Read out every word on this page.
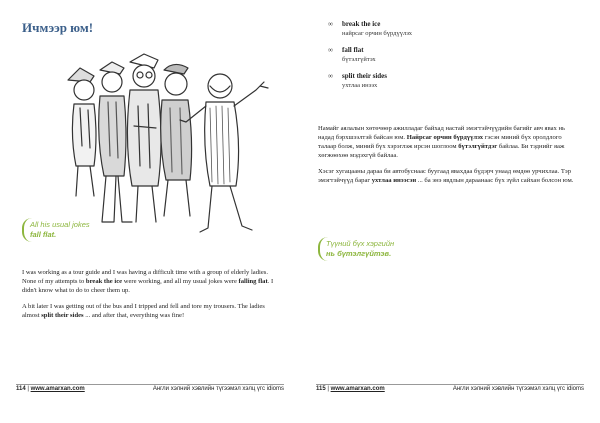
Ичмээр юм!
All his usual jokes
fall flat.

I was working as a tour guide and I was having a difficult time with a group of elderly ladies. None of my attempts to break the ice were working, and all my usual jokes were falling flat. I didn't know what to do to cheer them up.

A bit later I was getting out of the bus and I tripped and fell and tore my trousers. The ladies almost split their sides ... and after that, everything was fine!

114 | www.amarxan.com	Англи хэлний хэвлийн түгээмэл хэлц үгс idioms
∞ break the ice
найрсаг орчин бүрдүүлэх
∞ fall flat
бүтэлгүйтэх
∞ split their sides
ухтлаа инээх

Намайг аялалын хөтөчөөр ажилладаг байхад настай эмэгтэйчүүдийн багийг авч явах нь надад бэрхшээлтэй байсан юм. Найрсаг орчин бүрдүүлэх гэсэн миний бүх оролдлого талаар болж, миний бүх хэрэглэж ирсэн шоглоом бүтэлгүйтдэг байлаа. Би тэднийг яаж хөгжөөхөө мэдэхгүй байлаа.

Хэсэг хугацааны дараа би автобуснаас буугаад явахдаа бүдэрч унаад өмдөө урчихлаа. Тэр эмэгтэйчүүд бараг ухтлаа инээсэн ... ба энэ явдлын дараанаас бүх зүйл сайхан болсон юм.

Түүний бүх хэргийн
нь бүтэлгүйтэв.
115 | www.amarxan.com	Англи хэлний хэвлийн түгээмэл хэлц үгс idioms
